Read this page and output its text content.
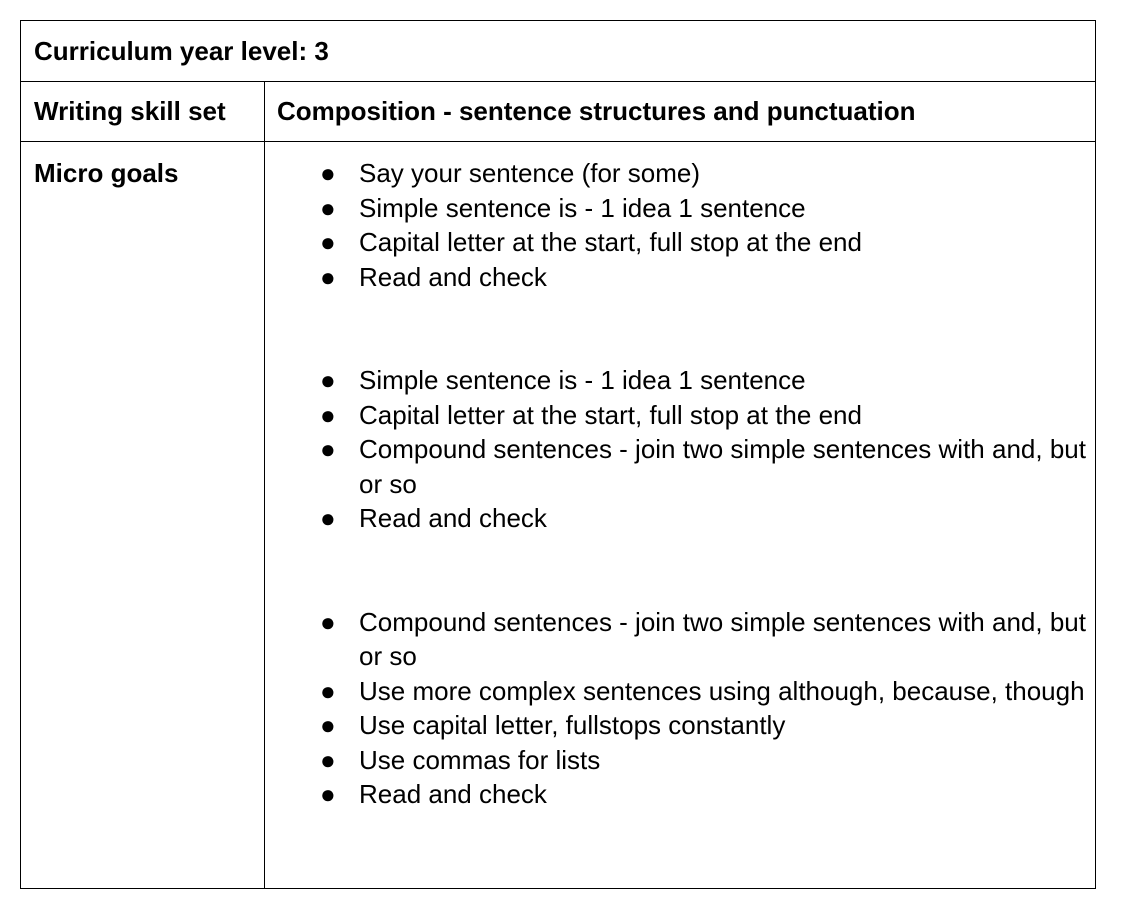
Curriculum year level: 3
Writing skill set	Composition - sentence structures and punctuation
Micro goals	● Say your sentence (for some)
● Simple sentence is - 1 idea 1 sentence
● Capital letter at the start, full stop at the end
● Read and check
● Simple sentence is - 1 idea 1 sentence
● Capital letter at the start, full stop at the end
● Compound sentences - join two simple sentences with and, but or so
● Read and check
● Compound sentences - join two simple sentences with and, but or so
● Use more complex sentences using although, because, though
● Use capital letter, fullstops constantly
● Use commas for lists
● Read and check
